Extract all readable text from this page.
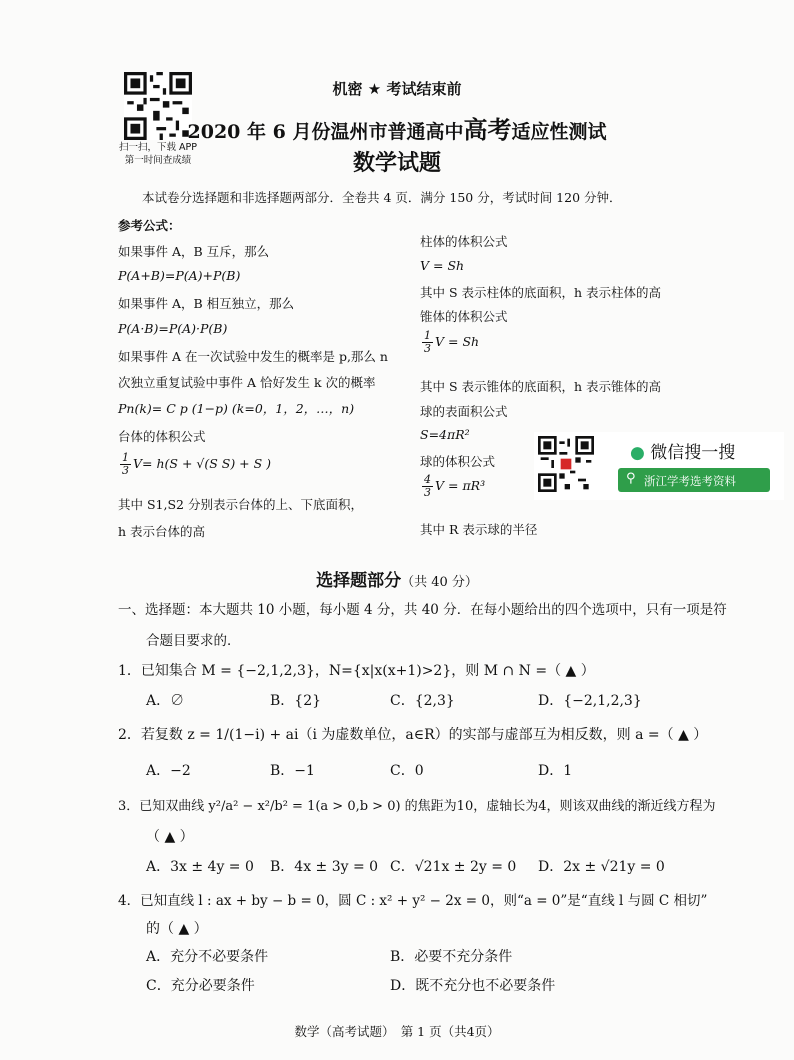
扫一扫，下载 APP
第一时间查成绩
机密 ★ 考试结束前
2020 年 6 月份温州市普通高中高考适应性测试
数学试题
本试卷分选择题和非选择题两部分．全卷共 4 页．满分 150 分，考试时间 120 分钟．
参考公式：
如果事件 A，B 互斥，那么
P(A+B)=P(A)+P(B)
如果事件 A，B 相互独立，那么
P(A·B)=P(A)·P(B)
如果事件 A 在一次试验中发生的概率是 p,那么 n
次独立重复试验中事件 A 恰好发生 k 次的概率
Pn(k)= C p (1−p) (k=0，1，2，…，n)
台体的体积公式
$\frac{1}{3} V= h(S + √(S$ S) + S )
其中 S1,S2 分别表示台体的上、下底面积，
h 表示台体的高
柱体的体积公式
V = Sh
其中 S 表示柱体的底面积，h 表示柱体的高
锥体的体积公式
$\frac{1}{3}$ V = Sh
其中 S 表示锥体的底面积，h 表示锥体的高
球的表面积公式
S=4πR²
球的体积公式
$\frac{4}{3}$ V = πR³
其中 R 表示球的半径
● 微信搜一搜
⚲ 浙江学考选考资料
选择题部分（共 40 分）
一、选择题：本大题共 10 小题，每小题 4 分，共 40 分．在每小题给出的四个选项中，只有一项是符
合题目要求的．
1．已知集合 M = {−2,1,2,3}，N={x|x(x+1)>2}，则 M ∩ N =（ ▲ ）
A．∅	B．{2}	C．{2,3}	D．{−2,1,2,3}
2．若复数 z = 1/(1−i) + ai（i 为虚数单位，a∈R）的实部与虚部互为相反数，则 a =（ ▲ ）
A．−2	B．−1	C．0	D．1
3．已知双曲线 y²/a² − x²/b² = 1(a > 0,b > 0) 的焦距为10，虚轴长为4，则该双曲线的渐近线方程为
（ ▲ ）
A．3x ± 4y = 0 B．4x ± 3y = 0 C．√21x ± 2y = 0 D．2x ± √21y = 0
4．已知直线 l : ax + by − b = 0，圆 C : x² + y² − 2x = 0，则“a = 0”是“直线 l 与圆 C 相切”
的（ ▲ ）
A．充分不必要条件	B．必要不充分条件
C．充分必要条件	D．既不充分也不必要条件
数学（高考试题）　第 1 页（共4页）
